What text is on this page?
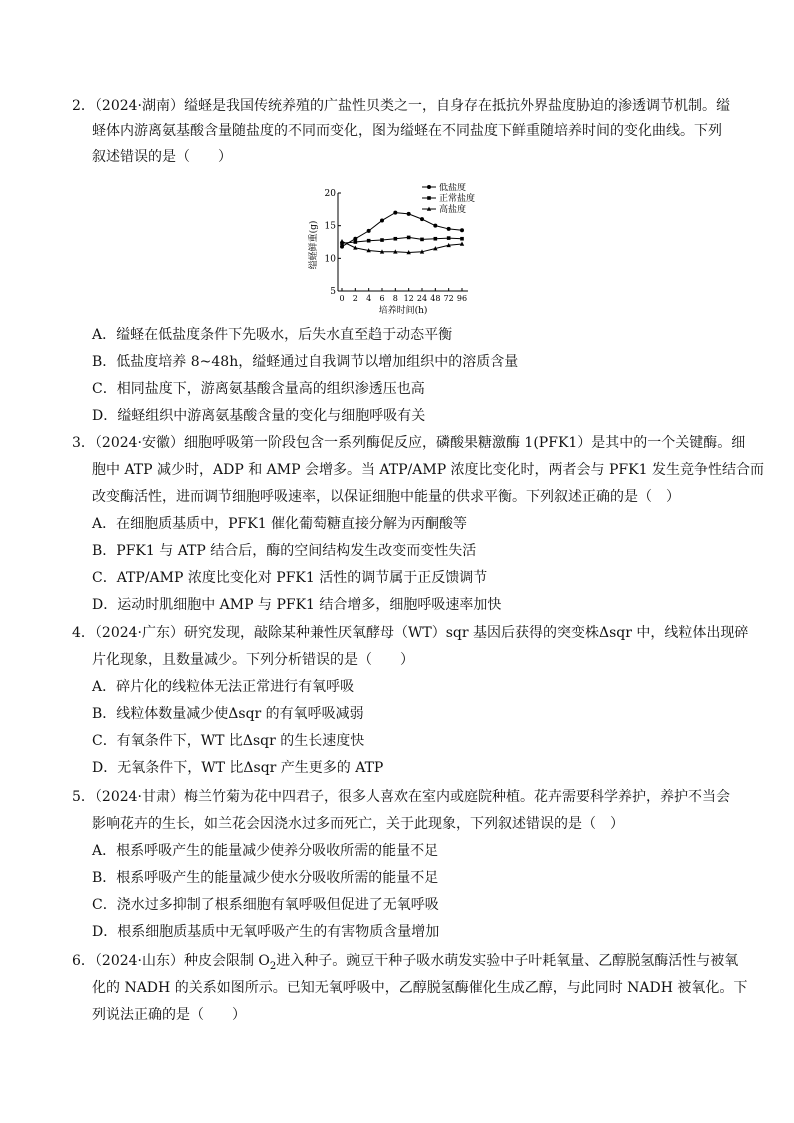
2．（2024·湖南）缢蛏是我国传统养殖的广盐性贝类之一，自身存在抵抗外界盐度胁迫的渗透调节机制。缢
蛏体内游离氨基酸含量随盐度的不同而变化，图为缢蛏在不同盐度下鲜重随培养时间的变化曲线。下列
叙述错误的是（　　）
20
15
10
5
0 2 4 6 8 12 24 48 72 96
缢蛏鲜重(g)
培养时间(h)
低盐度
正常盐度
高盐度
A．缢蛏在低盐度条件下先吸水，后失水直至趋于动态平衡
B．低盐度培养 8~48h，缢蛏通过自我调节以增加组织中的溶质含量
C．相同盐度下，游离氨基酸含量高的组织渗透压也高
D．缢蛏组织中游离氨基酸含量的变化与细胞呼吸有关
3．（2024·安徽）细胞呼吸第一阶段包含一系列酶促反应，磷酸果糖激酶 1(PFK1）是其中的一个关键酶。细
胞中 ATP 减少时，ADP 和 AMP 会增多。当 ATP/AMP 浓度比变化时，两者会与 PFK1 发生竞争性结合而
改变酶活性，进而调节细胞呼吸速率，以保证细胞中能量的供求平衡。下列叙述正确的是（　）
A．在细胞质基质中，PFK1 催化葡萄糖直接分解为丙酮酸等
B．PFK1 与 ATP 结合后，酶的空间结构发生改变而变性失活
C．ATP/AMP 浓度比变化对 PFK1 活性的调节属于正反馈调节
D．运动时肌细胞中 AMP 与 PFK1 结合增多，细胞呼吸速率加快
4．（2024·广东）研究发现，敲除某种兼性厌氧酵母（WT）sqr 基因后获得的突变株Δsqr 中，线粒体出现碎
片化现象，且数量减少。下列分析错误的是（　　）
A．碎片化的线粒体无法正常进行有氧呼吸
B．线粒体数量减少使Δsqr 的有氧呼吸减弱
C．有氧条件下，WT 比Δsqr 的生长速度快
D．无氧条件下，WT 比Δsqr 产生更多的 ATP
5．（2024·甘肃）梅兰竹菊为花中四君子，很多人喜欢在室内或庭院种植。花卉需要科学养护，养护不当会
影响花卉的生长，如兰花会因浇水过多而死亡，关于此现象，下列叙述错误的是（　）
A．根系呼吸产生的能量减少使养分吸收所需的能量不足
B．根系呼吸产生的能量减少使水分吸收所需的能量不足
C．浇水过多抑制了根系细胞有氧呼吸但促进了无氧呼吸
D．根系细胞质基质中无氧呼吸产生的有害物质含量增加
6．（2024·山东）种皮会限制 $O_2$进入种子。豌豆干种子吸水萌发实验中子叶耗氧量、乙醇脱氢酶活性与被氧
化的 NADH 的关系如图所示。已知无氧呼吸中，乙醇脱氢酶催化生成乙醇，与此同时 NADH 被氧化。下
列说法正确的是（　　）
